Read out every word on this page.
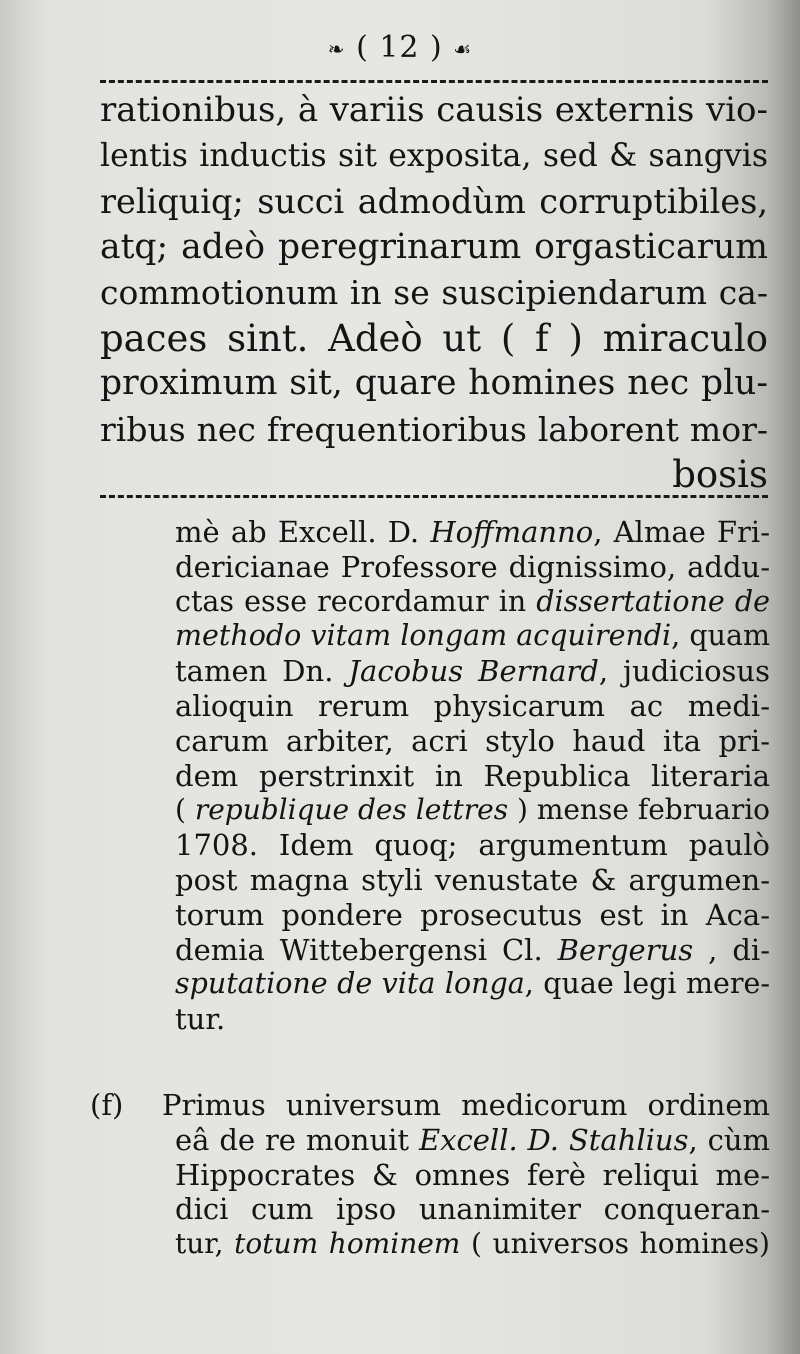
❧ ( 12 ) ☙
rationibus, à variis causis externis vio-
lentis inductis sit exposita, sed & sangvis
reliquiq; succi admodùm corruptibiles,
atq; adeò peregrinarum orgasticarum
commotionum in se suscipiendarum ca-
paces sint. Adeò ut ( f ) miraculo
proximum sit, quare homines nec plu-
ribus nec frequentioribus laborent mor-
bosis
mè ab Excell. D. Hoffmanno, Almae Fri-
dericianae Professore dignissimo, addu-
ctas esse recordamur in dissertatione de
methodo vitam longam acquirendi, quam
tamen Dn. Jacobus Bernard, judiciosus
alioquin rerum physicarum ac medi-
carum arbiter, acri stylo haud ita pri-
dem perstrinxit in Republica literaria
( republique des lettres ) mense februario
1708. Idem quoq; argumentum paulò
post magna styli venustate & argumen-
torum pondere prosecutus est in Aca-
demia Wittebergensi Cl. Bergerus , di-
sputatione de vita longa, quae legi mere-
tur.
(f) Primus universum medicorum ordinem
eâ de re monuit Excell. D. Stahlius, cùm
Hippocrates & omnes ferè reliqui me-
dici cum ipso unanimiter conqueran-
tur, totum hominem ( universos homines)
